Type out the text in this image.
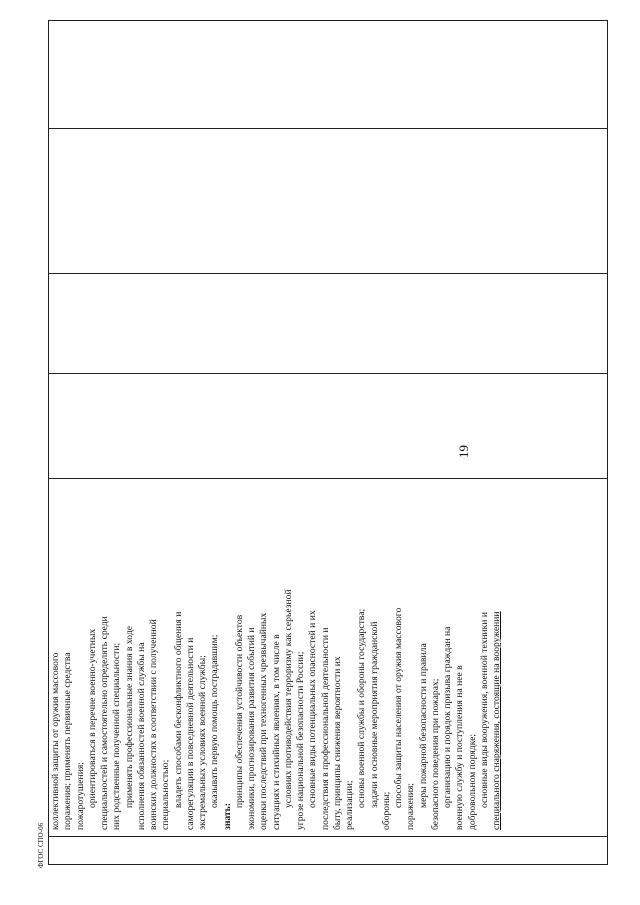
19
коллективной защиты от оружия массового поражения; применять первичные средства пожаротушения; ориентироваться в перечне военно-учетных специальностей и самостоятельно определять среди них родственные полученной специальности; применять профессиональные знания в ходе исполнения обязанностей военной службы на воинских должностях в соответствии с полученной специальностью; владеть способами бесконфликтного общения и саморегуляции в повседневной деятельности и экстремальных условиях военной службы; оказывать первую помощь пострадавшим;
знать:
принципы обеспечения устойчивости объектов экономики, прогнозирования развития событий и оценки последствий при техногенных чрезвычайных ситуациях и стихийных явлениях, в том числе в условиях противодействия терроризму как серьезной угрозе национальной безопасности России; основные виды потенциальных опасностей и их последствия в профессиональной деятельности и быту, принципы снижения вероятности их реализации; основы военной службы и обороны государства; задачи и основные мероприятия гражданской
обороны;
способы защиты населения от оружия массового поражения; меры пожарной безопасности и правила безопасного поведения при пожарах; организацию и порядок призыва граждан на военную службу и поступления на нее в добровольном порядке; основные виды вооружения, военной техники и специального снаряжения, состоящие на вооружении
ФГОС СПО-06
